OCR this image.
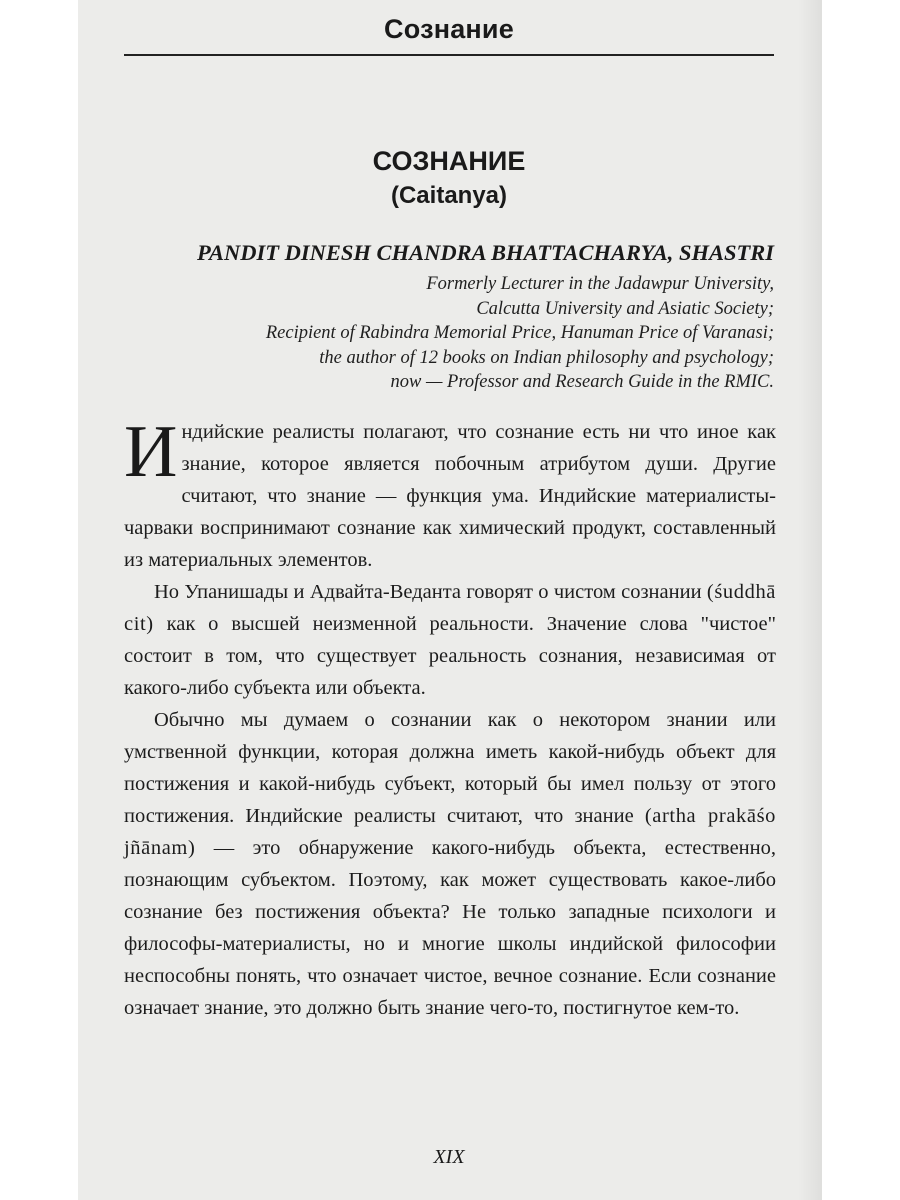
Сознание
СОЗНАНИЕ
(Caitanya)
PANDIT DINESH CHANDRA BHATTACHARYA, SHASTRI
Formerly Lecturer in the Jadawpur University,
Calcutta University and Asiatic Society;
Recipient of Rabindra Memorial Price, Hanuman Price of Varanasi;
the author of 12 books on Indian philosophy and psychology;
now — Professor and Research Guide in the RMIC.

Индийские реалисты полагают, что сознание есть ни что иное как знание, которое является побочным атрибутом души. Другие считают, что знание — функция ума. Индийские материалисты-чарваки воспринимают сознание как химический продукт, составленный из материальных элементов.

Но Упанишады и Адвайта-Веданта говорят о чистом сознании (śuddhā cit) как о высшей неизменной реальности. Значение слова "чистое" состоит в том, что существует реальность сознания, независимая от какого-либо субъекта или объекта.

Обычно мы думаем о сознании как о некотором знании или умственной функции, которая должна иметь какой-нибудь объект для постижения и какой-нибудь субъект, который бы имел пользу от этого постижения. Индийские реалисты считают, что знание (artha prakāśo jñānam) — это обнаружение какого-нибудь объекта, естественно, познающим субъектом. Поэтому, как может существовать какое-либо сознание без постижения объекта? Не только западные психологи и философы-материалисты, но и многие школы индийской философии неспособны понять, что означает чистое, вечное сознание. Если сознание означает знание, это должно быть знание чего-то, постигнутое кем-то.

XIX
